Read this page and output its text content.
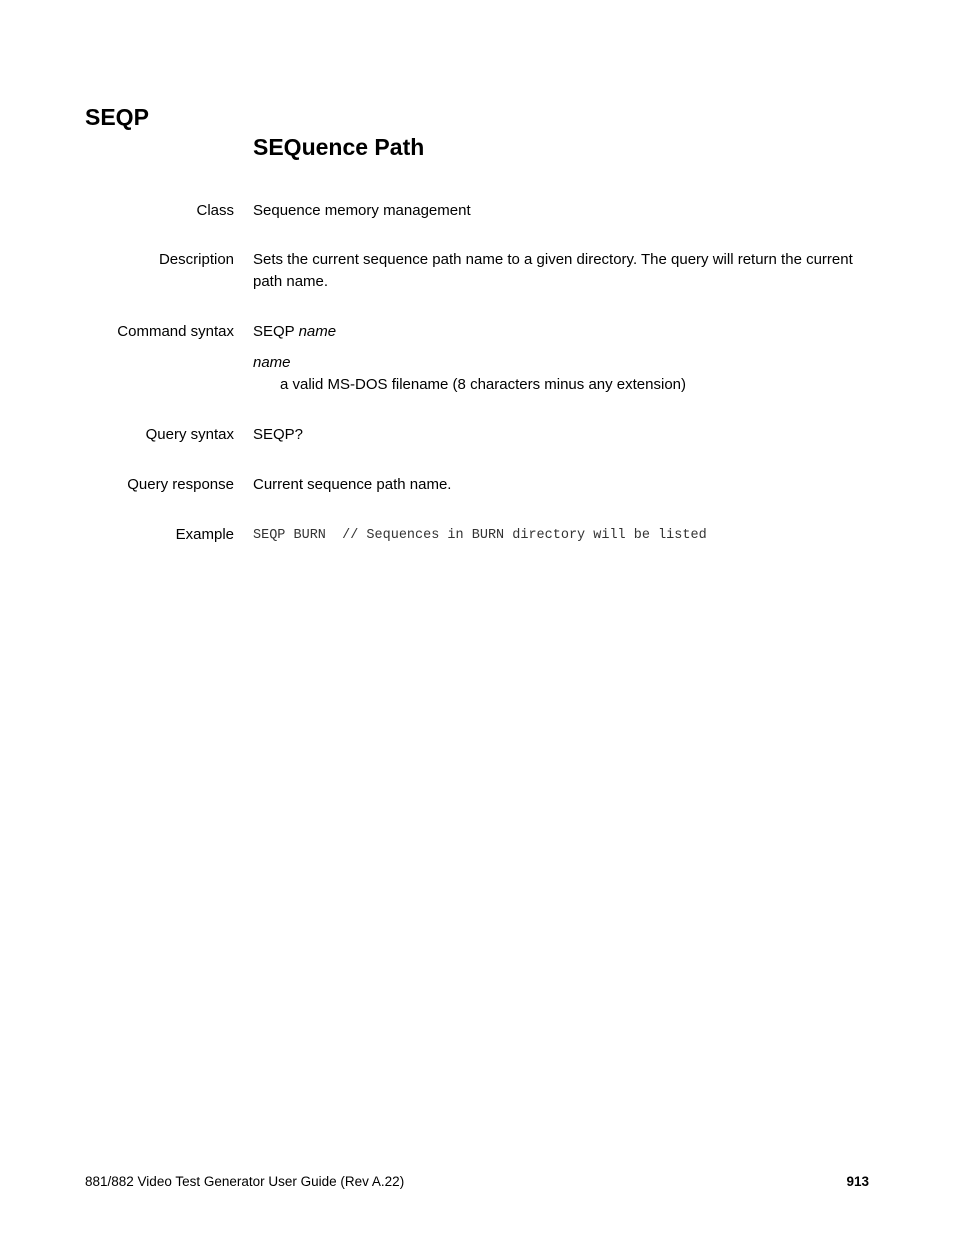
SEQP
SEQuence Path
Class Sequence memory management
Description Sets the current sequence path name to a given directory. The query will return the current path name.
Command syntax SEQP name
name
a valid MS-DOS filename (8 characters minus any extension)
Query syntax SEQP?
Query response Current sequence path name.
Example SEQP BURN  // Sequences in BURN directory will be listed
881/882 Video Test Generator User Guide (Rev A.22)	913
